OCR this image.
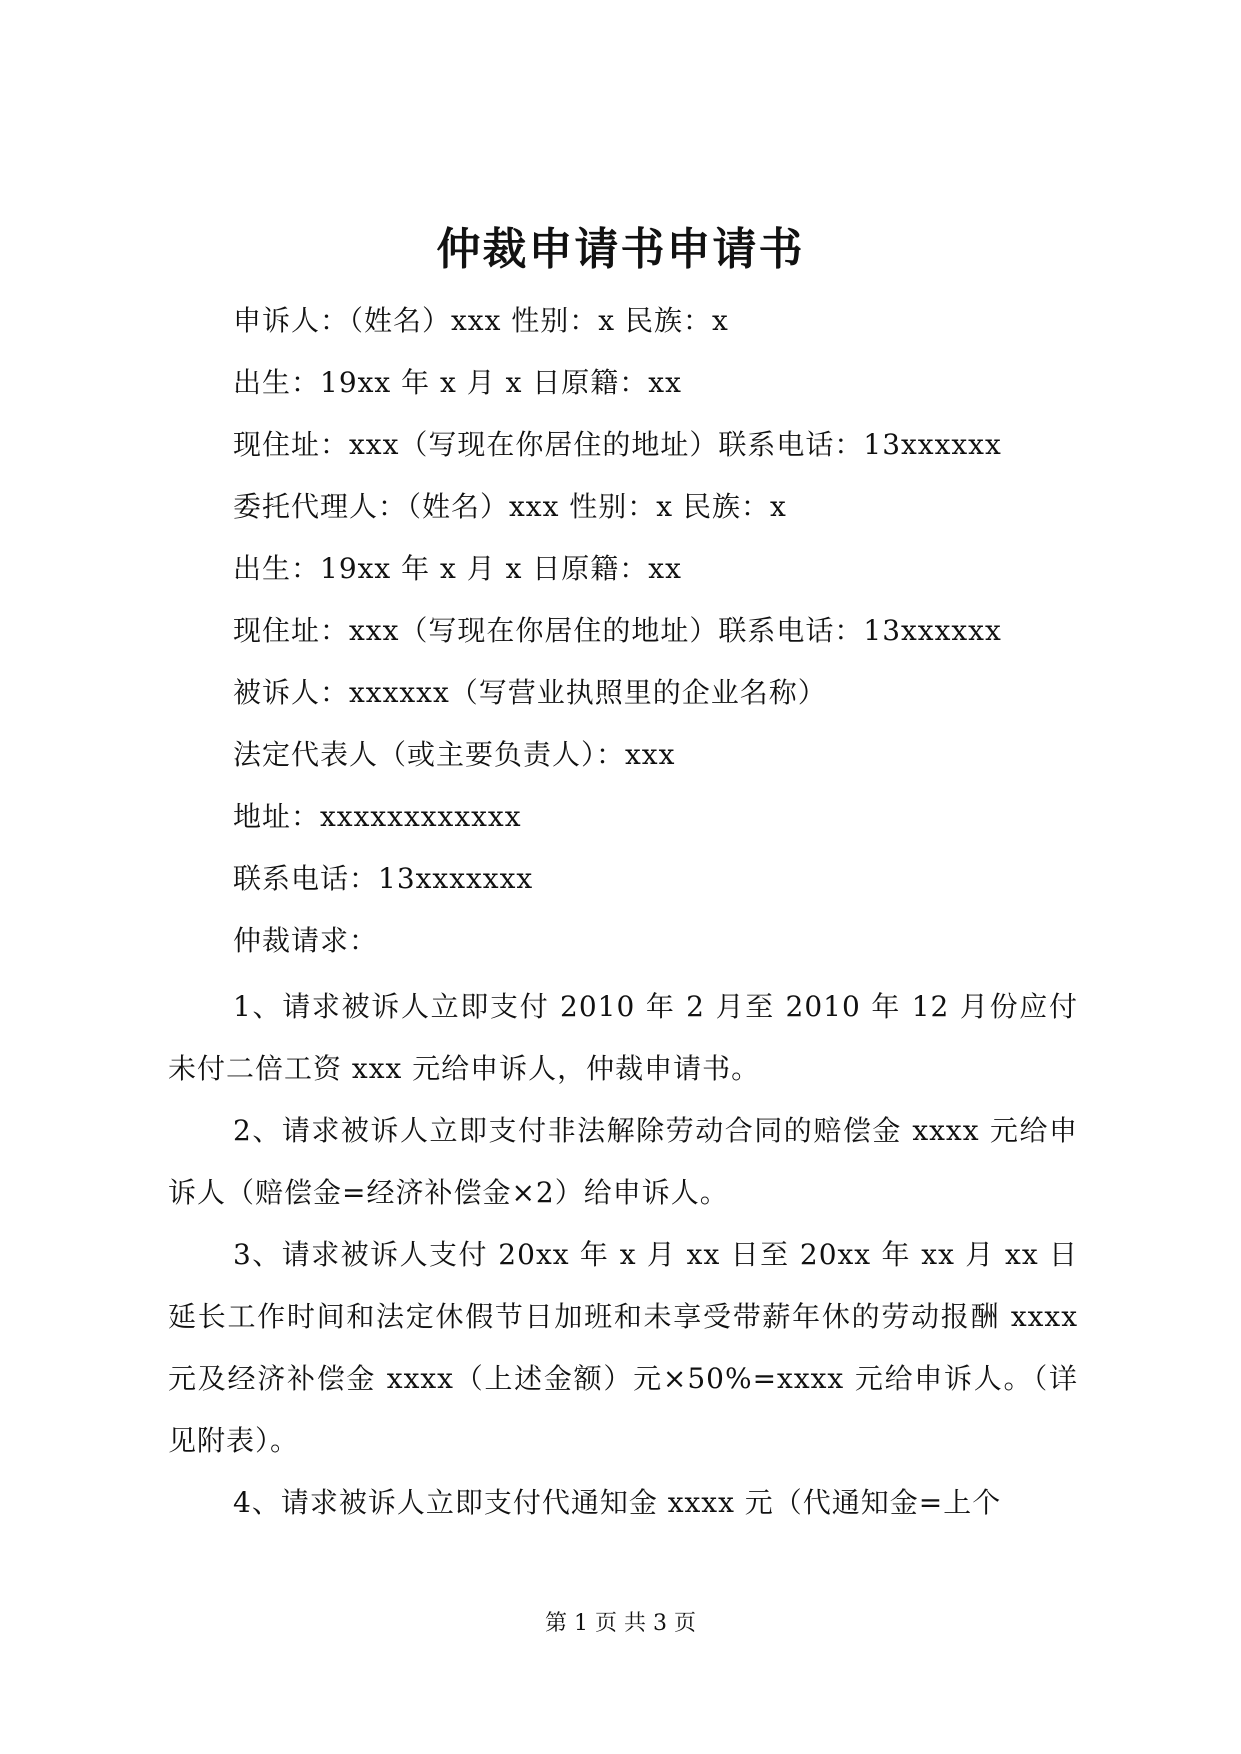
仲裁申请书申请书
申诉人：（姓名）xxx 性别：x 民族：x
出生：19xx 年 x 月 x 日原籍：xx
现住址：xxx（写现在你居住的地址）联系电话：13xxxxxx
委托代理人：（姓名）xxx 性别：x 民族：x
出生：19xx 年 x 月 x 日原籍：xx
现住址：xxx（写现在你居住的地址）联系电话：13xxxxxx
被诉人：xxxxxx（写营业执照里的企业名称）
法定代表人（或主要负责人）：xxx
地址：xxxxxxxxxxxx
联系电话：13xxxxxxx
仲裁请求：

1、请求被诉人立即支付 2010 年 2 月至 2010 年 12 月份应付未付二倍工资 xxx 元给申诉人，仲裁申请书。

2、请求被诉人立即支付非法解除劳动合同的赔偿金 xxxx 元给申诉人（赔偿金=经济补偿金×2）给申诉人。

3、请求被诉人支付 20xx 年 x 月 xx 日至 20xx 年 xx 月 xx 日延长工作时间和法定休假节日加班和未享受带薪年休的劳动报酬 xxxx 元及经济补偿金 xxxx（上述金额）元×50%=xxxx 元给申诉人。（详见附表）。

4、请求被诉人立即支付代通知金 xxxx 元（代通知金=上个

第 1 页 共 3 页
